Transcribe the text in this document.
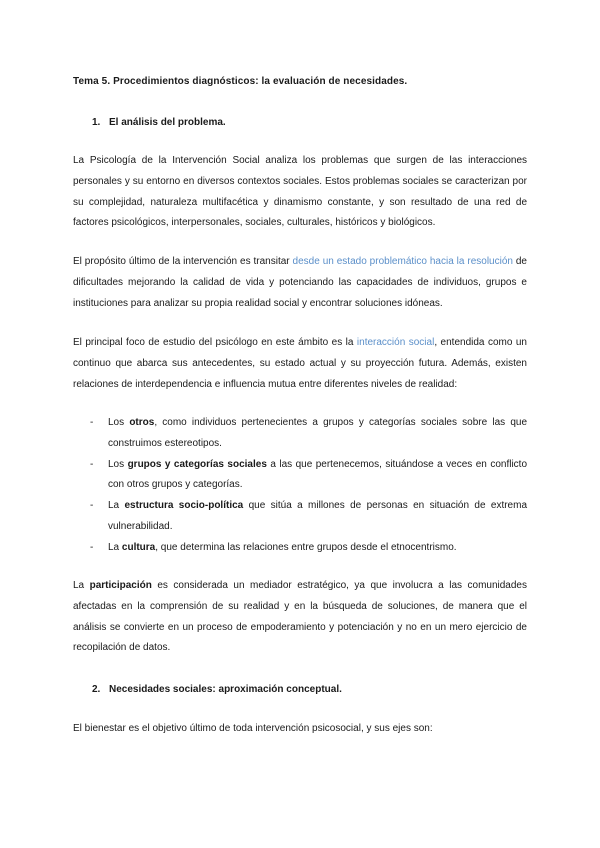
Tema 5. Procedimientos diagnósticos: la evaluación de necesidades.
1. El análisis del problema.

La Psicología de la Intervención Social analiza los problemas que surgen de las interacciones personales y su entorno en diversos contextos sociales. Estos problemas sociales se caracterizan por su complejidad, naturaleza multifacética y dinamismo constante, y son resultado de una red de factores psicológicos, interpersonales, sociales, culturales, históricos y biológicos.

El propósito último de la intervención es transitar desde un estado problemático hacia la resolución de dificultades mejorando la calidad de vida y potenciando las capacidades de individuos, grupos e instituciones para analizar su propia realidad social y encontrar soluciones idóneas.

El principal foco de estudio del psicólogo en este ámbito es la interacción social, entendida como un continuo que abarca sus antecedentes, su estado actual y su proyección futura. Además, existen relaciones de interdependencia e influencia mutua entre diferentes niveles de realidad:

- Los otros, como individuos pertenecientes a grupos y categorías sociales sobre las que construimos estereotipos.
- Los grupos y categorías sociales a las que pertenecemos, situándose a veces en conflicto con otros grupos y categorías.
- La estructura socio-política que sitúa a millones de personas en situación de extrema vulnerabilidad.
- La cultura, que determina las relaciones entre grupos desde el etnocentrismo.

La participación es considerada un mediador estratégico, ya que involucra a las comunidades afectadas en la comprensión de su realidad y en la búsqueda de soluciones, de manera que el análisis se convierte en un proceso de empoderamiento y potenciación y no en un mero ejercicio de recopilación de datos.

2. Necesidades sociales: aproximación conceptual.

El bienestar es el objetivo último de toda intervención psicosocial, y sus ejes son:
